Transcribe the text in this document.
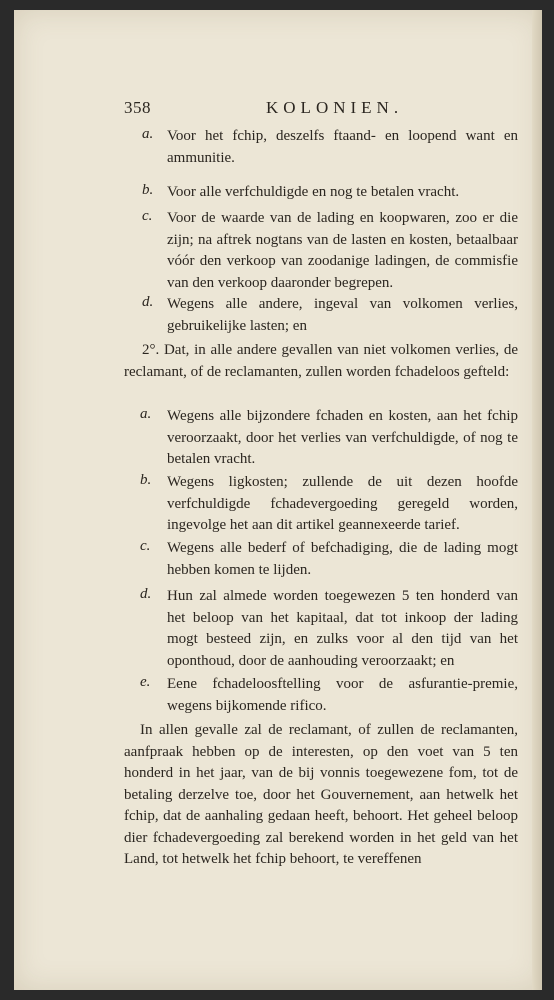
358	KOLONIEN.
a. Voor het fchip, deszelfs ftaand- en loopend want en ammunitie.
b. Voor alle verfchuldigde en nog te betalen vracht.
c. Voor de waarde van de lading en koopwaren, zoo er die zijn; na aftrek nogtans van de lasten en kosten, betaalbaar vóór den verkoop van zoodanige ladingen, de commisfie van den verkoop daaronder begrepen.
d. Wegens alle andere, ingeval van volkomen verlies, gebruikelijke lasten; en
2°. Dat, in alle andere gevallen van niet volkomen verlies, de reclamant, of de reclamanten, zullen worden fchadeloos gefteld:
a. Wegens alle bijzondere fchaden en kosten, aan het fchip veroorzaakt, door het verlies van verfchuldigde, of nog te betalen vracht.
b. Wegens ligkosten; zullende de uit dezen hoofde verfchuldigde fchadevergoeding geregeld worden, ingevolge het aan dit artikel geannexeerde tarief.
c. Wegens alle bederf of befchadiging, die de lading mogt hebben komen te lijden.
d. Hun zal almede worden toegewezen 5 ten honderd van het beloop van het kapitaal, dat tot inkoop der lading mogt besteed zijn, en zulks voor al den tijd van het oponthoud, door de aanhouding veroorzaakt; en
e. Eene fchadeloosftelling voor de asfurantie-premie, wegens bijkomende rifico.
In allen gevalle zal de reclamant, of zullen de reclamanten, aanfpraak hebben op de interesten, op den voet van 5 ten honderd in het jaar, van de bij vonnis toegewezene fom, tot de betaling derzelve toe, door het Gouvernement, aan hetwelk het fchip, dat de aanhaling gedaan heeft, behoort. Het geheel beloop dier fchadevergoeding zal berekend worden in het geld van het Land, tot hetwelk het fchip behoort, te vereffenen
